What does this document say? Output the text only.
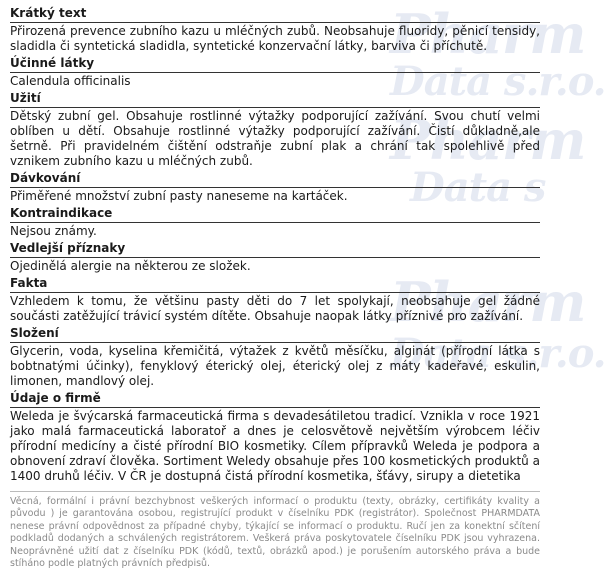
Pharm
Data s.r.o.
Pharm
Data s
Pharm
Data s.r.o.
Krátký text
Přirozená prevence zubního kazu u mléčných zubů. Neobsahuje fluoridy, pěnicí tensidy, sladidla či syntetická sladidla, syntetické konzervační látky, barviva či příchutě.
Účinné látky
Calendula officinalis
Užití
Dětský zubní gel. Obsahuje rostlinné výtažky podporující zažívání. Svou chutí velmi oblíben u dětí. Obsahuje rostlinné výtažky podporující zažívání. Čistí důkladně,ale šetrně. Při pravidelném čištění odstraňje zubní plak a chrání tak spolehlivě před vznikem zubního kazu u mléčných zubů.
Dávkování
Přiměřené množství zubní pasty naneseme na kartáček.
Kontraindikace
Nejsou známy.
Vedlejší příznaky
Ojedinělá alergie na některou ze složek.
Fakta
Vzhledem k tomu, že většinu pasty děti do 7 let spolykají, neobsahuje gel žádné součásti zatěžující trávicí systém dítěte. Obsahuje naopak látky příznivé pro zažívání.
Složení
Glycerin, voda, kyselina křemičitá, výtažek z květů měsíčku, alginát (přírodní látka s bobtnatými účinky), fenyklový éterický olej, éterický olej z máty kadeřavé, eskulin, limonen, mandlový olej.
Údaje o firmě
Weleda je švýcarská farmaceutická firma s devadesátiletou tradicí. Vznikla v roce 1921 jako malá farmaceutická laboratoř a dnes je celosvětově největším výrobcem léčiv přírodní medicíny a čisté přírodní BIO kosmetiky. Cílem přípravků Weleda je podpora a obnovení zdraví člověka. Sortiment Weledy obsahuje přes 100 kosmetických produktů a 1400 druhů léčiv. V ČR je dostupná čistá přírodní kosmetika, šťávy, sirupy a dietetika
Věcná, formální i právní bezchybnost veškerých informací o produktu (texty, obrázky, certifikáty kvality a původu ) je garantována osobou, registrující produkt v číselníku PDK (registrátor). Společnost PHARMDATA nenese právní odpovědnost za případné chyby, týkající se informací o produktu. Ručí jen za konektní sčítení podkladů dodaných a schválených registrátorem. Veškerá práva poskytovatele číselníku PDK jsou vyhrazena. Neoprávněné užití dat z číselníku PDK (kódů, textů, obrázků apod.) je porušením autorského práva a bude stíháno podle platných právních předpisů.
